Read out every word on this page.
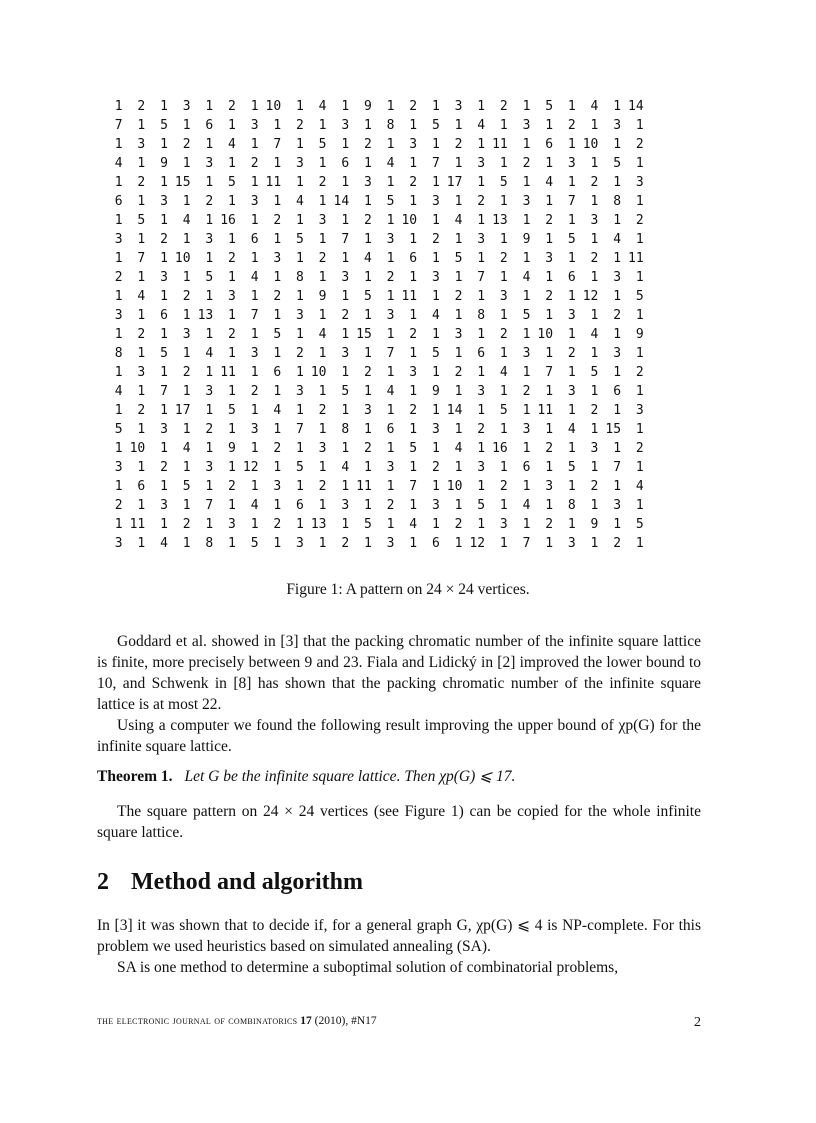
1	2	1	3	1	2	1 10	1	4	1	9	1	2	1	3	1	2	1	5	1	4	1 14
7	1	5	1	6	1	3	1	2	1	3	1	8	1	5	1	4	1	3	1	2	1	3	1
1	3	1	2	1	4	1	7	1	5	1	2	1	3	1	2	1 11	1	6	1 10	1	2
4	1	9	1	3	1	2	1	3	1	6	1	4	1	7	1	3	1	2	1	3	1	5	1
1	2	1 15	1	5	1 11	1	2	1	3	1	2	1 17	1	5	1	4	1	2	1	3
6	1	3	1	2	1	3	1	4	1 14	1	5	1	3	1	2	1	3	1	7	1	8	1
1	5	1	4	1 16	1	2	1	3	1	2	1 10	1	4	1 13	1	2	1	3	1	2
3	1	2	1	3	1	6	1	5	1	7	1	3	1	2	1	3	1	9	1	5	1	4	1
1	7	1 10	1	2	1	3	1	2	1	4	1	6	1	5	1	2	1	3	1	2	1 11
2	1	3	1	5	1	4	1	8	1	3	1	2	1	3	1	7	1	4	1	6	1	3	1
1	4	1	2	1	3	1	2	1	9	1	5	1 11	1	2	1	3	1	2	1 12	1	5
3	1	6	1 13	1	7	1	3	1	2	1	3	1	4	1	8	1	5	1	3	1	2	1
1	2	1	3	1	2	1	5	1	4	1 15	1	2	1	3	1	2	1 10	1	4	1	9
8	1	5	1	4	1	3	1	2	1	3	1	7	1	5	1	6	1	3	1	2	1	3	1
1	3	1	2	1 11	1	6	1 10	1	2	1	3	1	2	1	4	1	7	1	5	1	2
4	1	7	1	3	1	2	1	3	1	5	1	4	1	9	1	3	1	2	1	3	1	6	1
1	2	1 17	1	5	1	4	1	2	1	3	1	2	1 14	1	5	1 11	1	2	1	3
5	1	3	1	2	1	3	1	7	1	8	1	6	1	3	1	2	1	3	1	4	1 15	1
1 10	1	4	1	9	1	2	1	3	1	2	1	5	1	4	1 16	1	2	1	3	1	2
3	1	2	1	3	1 12	1	5	1	4	1	3	1	2	1	3	1	6	1	5	1	7	1
1	6	1	5	1	2	1	3	1	2	1 11	1	7	1 10	1	2	1	3	1	2	1	4
2	1	3	1	7	1	4	1	6	1	3	1	2	1	3	1	5	1	4	1	8	1	3	1
1 11	1	2	1	3	1	2	1 13	1	5	1	4	1	2	1	3	1	2	1	9	1	5
3	1	4	1	8	1	5	1	3	1	2	1	3	1	6	1 12	1	7	1	3	1	2	1
Figure 1: A pattern on 24 × 24 vertices.

Goddard et al. showed in [3] that the packing chromatic number of the infinite square lattice is finite, more precisely between 9 and 23. Fiala and Lidický in [2] improved the lower bound to 10, and Schwenk in [8] has shown that the packing chromatic number of the infinite square lattice is at most 22.

Using a computer we found the following result improving the upper bound of χp(G) for the infinite square lattice.

Theorem 1. Let G be the infinite square lattice. Then χp(G) ⩽ 17.

The square pattern on 24 × 24 vertices (see Figure 1) can be copied for the whole infinite square lattice.

2 Method and algorithm

In [3] it was shown that to decide if, for a general graph G, χp(G) ⩽ 4 is NP-complete. For this problem we used heuristics based on simulated annealing (SA).

SA is one method to determine a suboptimal solution of combinatorial problems,

the electronic journal of combinatorics 17 (2010), #N17	2
